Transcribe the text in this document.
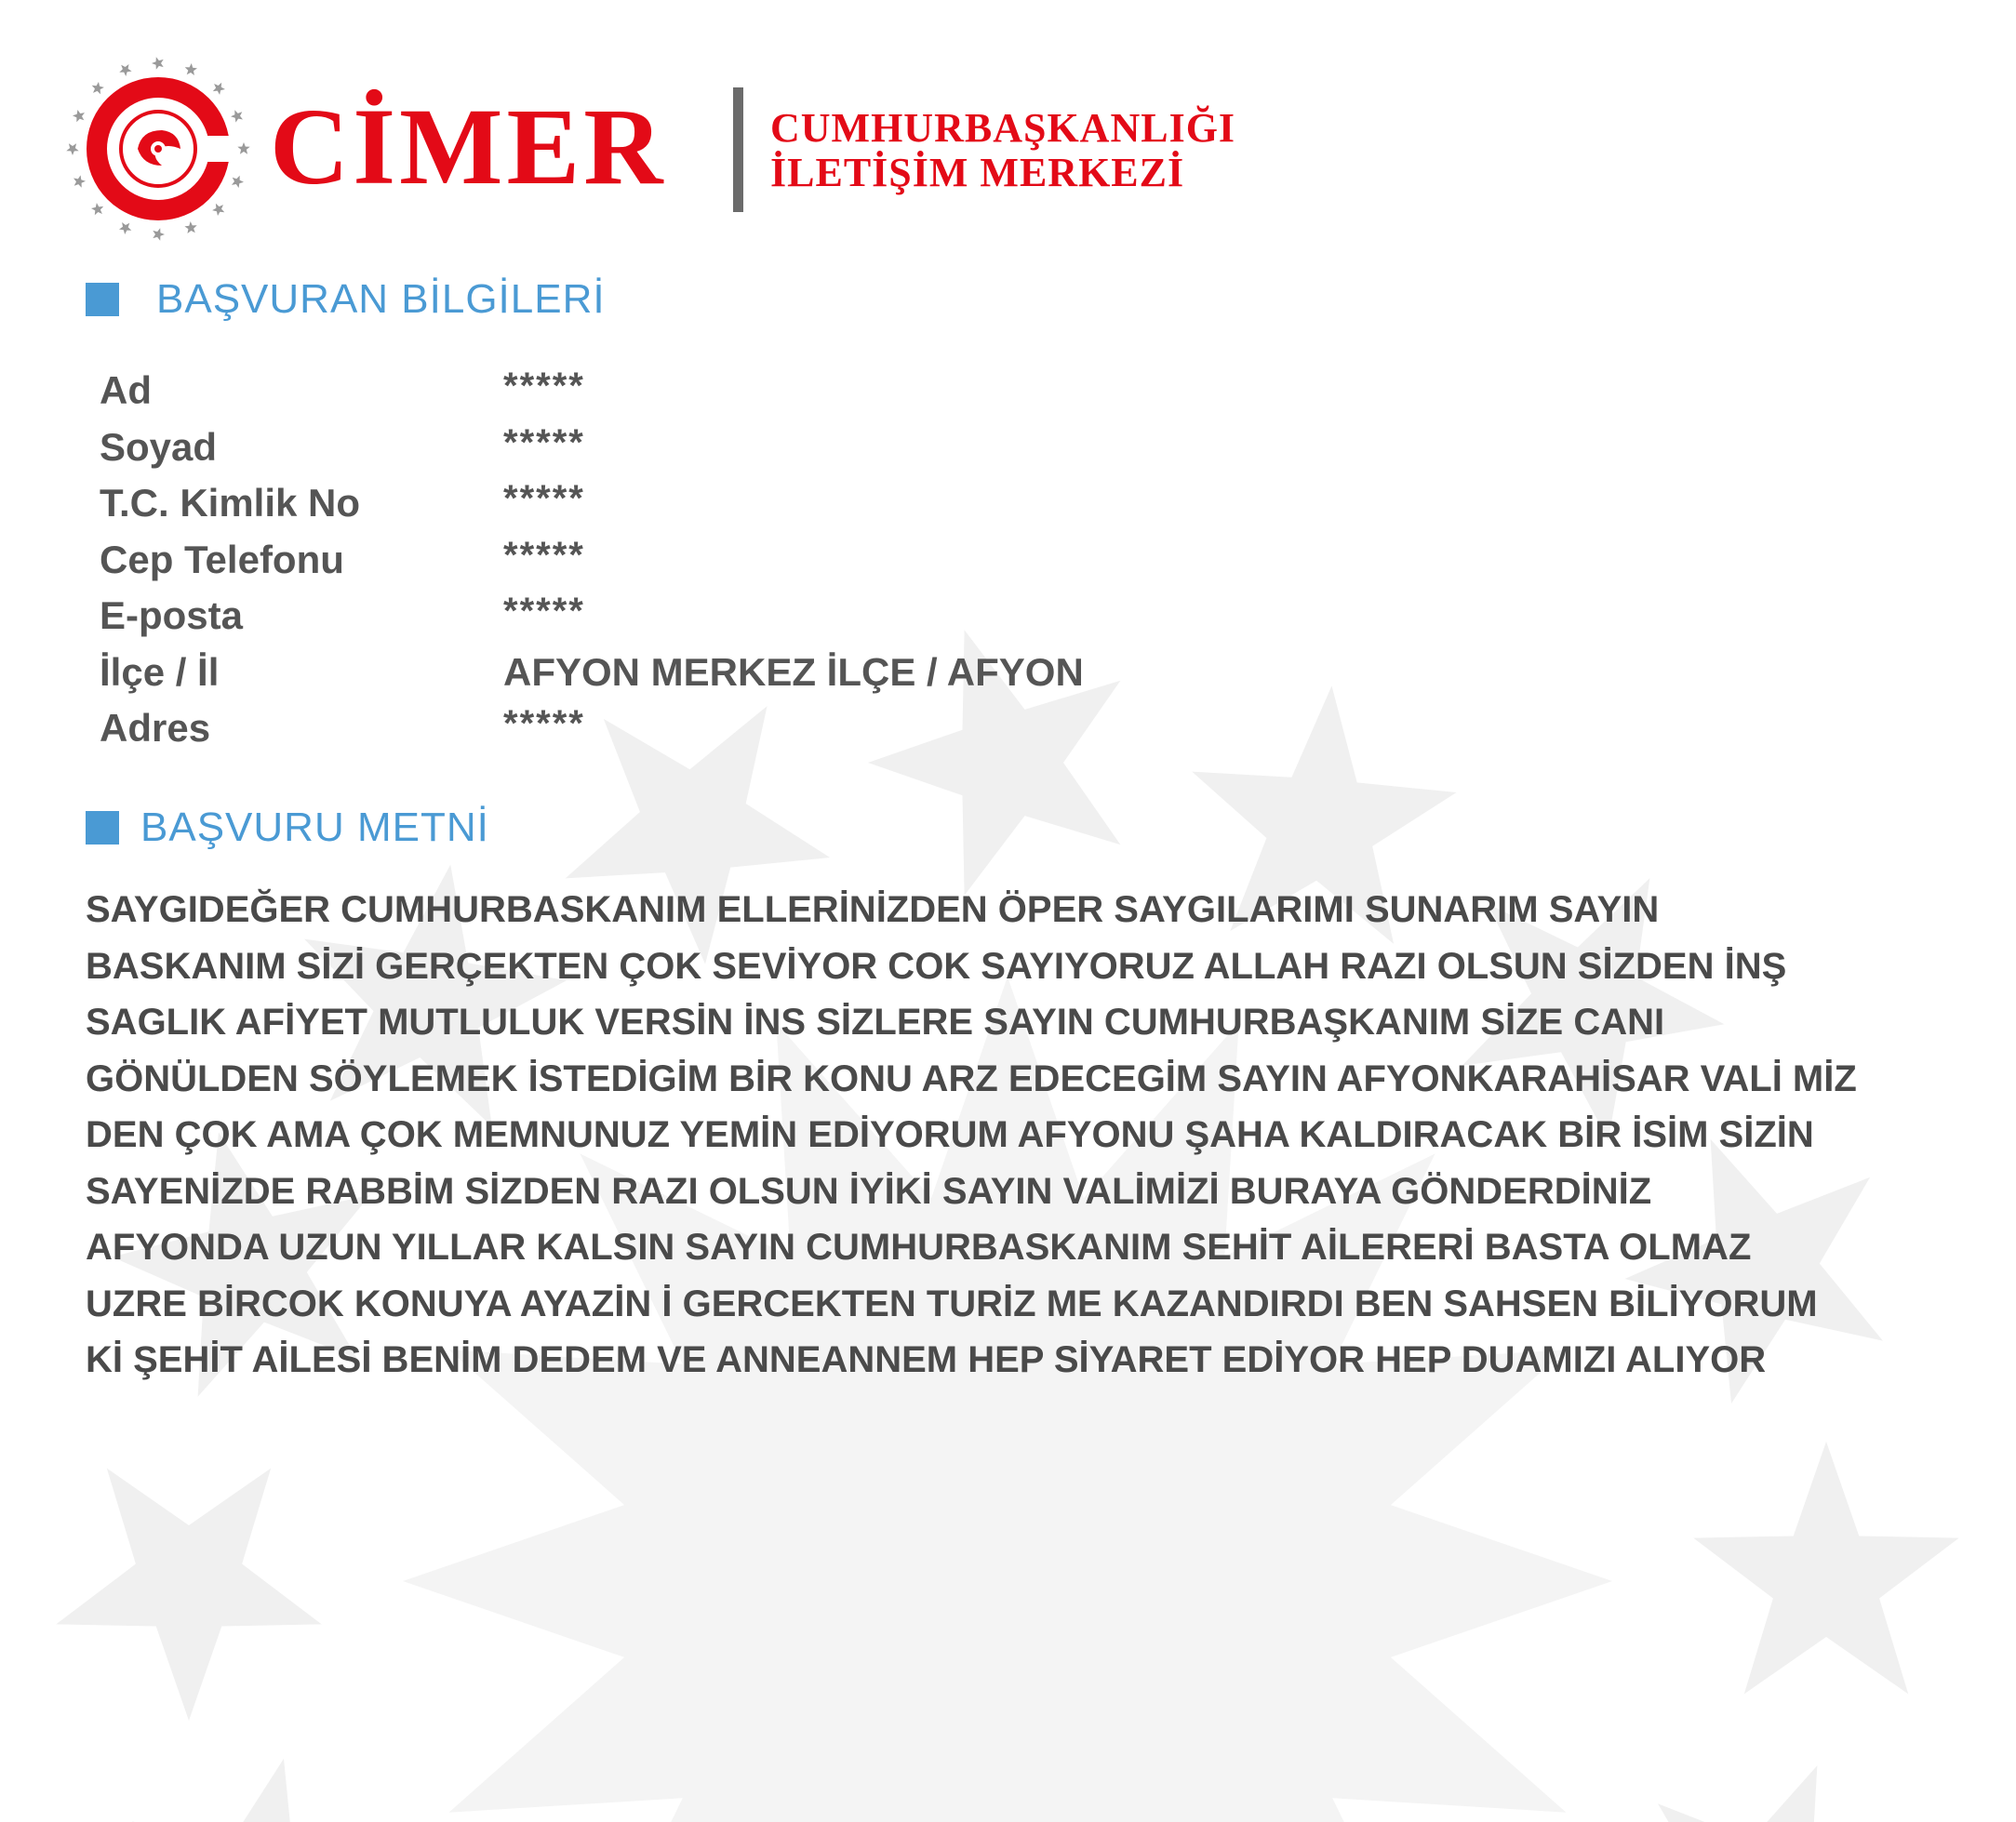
CİMER	CUMHURBAŞKANLIĞI
İLETİŞİM MERKEZİ
BAŞVURAN BİLGİLERİ
Ad	*****
Soyad	*****
T.C. Kimlik No	*****
Cep Telefonu	*****
E-posta	*****
İlçe / İl	AFYON MERKEZ İLÇE / AFYON
Adres	*****
BAŞVURU METNİ
SAYGIDEĞER CUMHURBASKANIM ELLERİNİZDEN ÖPER SAYGILARIMI SUNARIM SAYIN
BASKANIM SİZİ GERÇEKTEN ÇOK SEVİYOR COK SAYIYORUZ ALLAH RAZI OLSUN SİZDEN İNŞ
SAGLIK AFİYET MUTLULUK VERSİN İNS SİZLERE SAYIN CUMHURBAŞKANIM SİZE CANI
GÖNÜLDEN SÖYLEMEK İSTEDİGİM BİR KONU ARZ EDECEGİM SAYIN AFYONKARAHİSAR VALİ MİZ
DEN ÇOK AMA ÇOK MEMNUNUZ YEMİN EDİYORUM AFYONU ŞAHA KALDIRACAK BİR İSİM SİZİN
SAYENİZDE RABBİM SİZDEN RAZI OLSUN İYİKİ SAYIN VALİMİZİ BURAYA GÖNDERDİNİZ
AFYONDA UZUN YILLAR KALSIN SAYIN CUMHURBASKANIM SEHİT AİLERERİ BASTA OLMAZ
UZRE BİRCOK KONUYA AYAZİN İ GERCEKTEN TURİZ ME KAZANDIRDI BEN SAHSEN BİLİYORUM
Kİ ŞEHİT AİLESİ BENİM DEDEM VE ANNEANNEM HEP SİYARET EDİYOR HEP DUAMIZI ALIYOR
